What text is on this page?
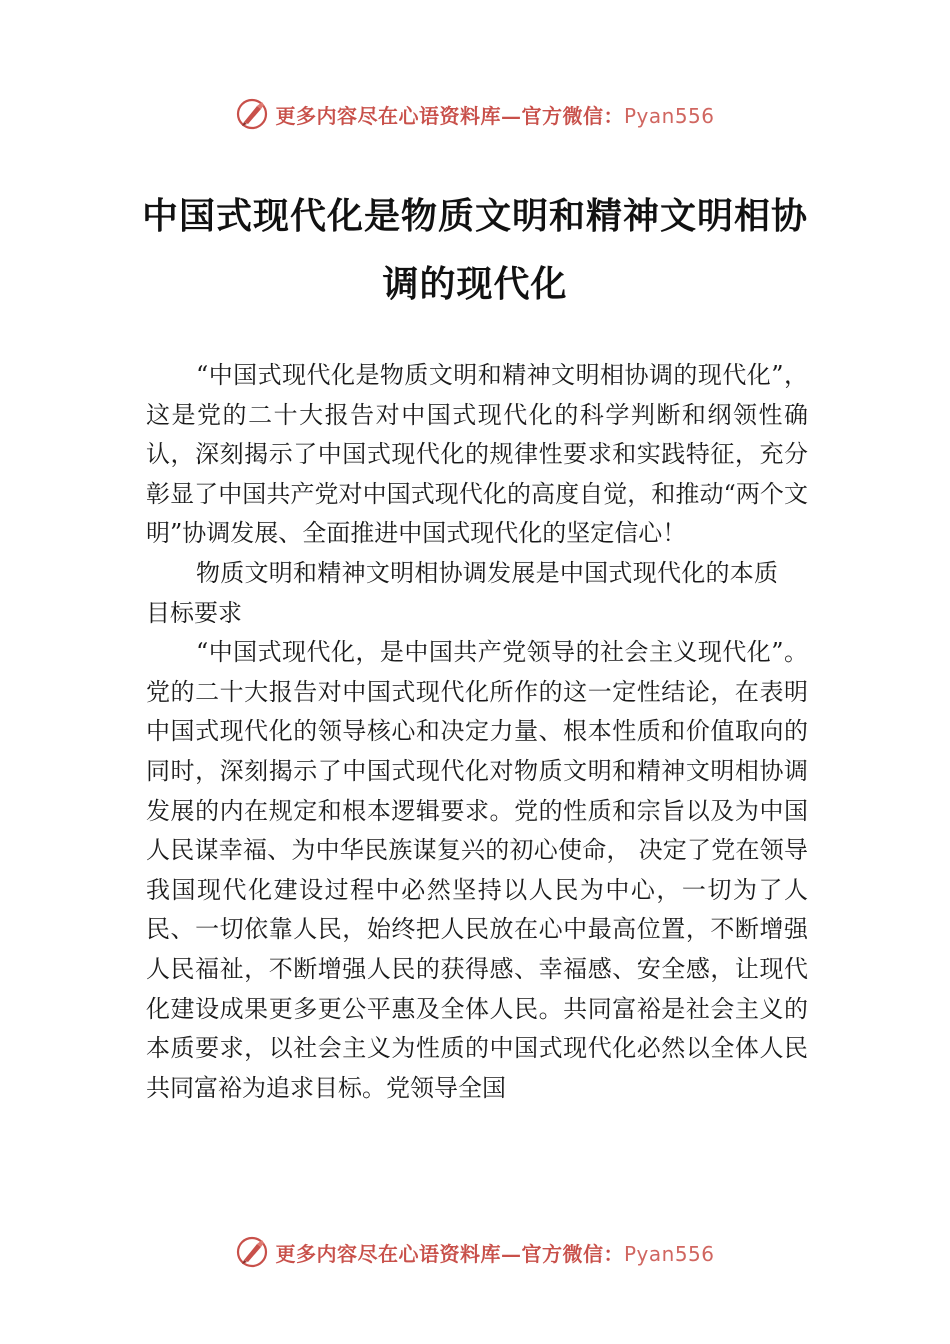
更多内容尽在心语资料库—官方微信：Pyan556
中国式现代化是物质文明和精神文明相协
调的现代化

“中国式现代化是物质文明和精神文明相协调的现代化”，这是党的二十大报告对中国式现代化的科学判断和纲领性确认，深刻揭示了中国式现代化的规律性要求和实践特征，充分彰显了中国共产党对中国式现代化的高度自觉，和推动“两个文明”协调发展、全面推进中国式现代化的坚定信心！

物质文明和精神文明相协调发展是中国式现代化的本质目标要求

“中国式现代化，是中国共产党领导的社会主义现代化”。党的二十大报告对中国式现代化所作的这一定性结论，在表明中国式现代化的领导核心和决定力量、根本性质和价值取向的同时，深刻揭示了中国式现代化对物质文明和精神文明相协调发展的内在规定和根本逻辑要求。党的性质和宗旨以及为中国人民谋幸福、为中华民族谋复兴的初心使命， 决定了党在领导我国现代化建设过程中必然坚持以人民为中心，一切为了人民、一切依靠人民，始终把人民放在心中最高位置，不断增强人民福祉，不断增强人民的获得感、幸福感、安全感，让现代化建设成果更多更公平惠及全体人民。共同富裕是社会主义的本质要求，以社会主义为性质的中国式现代化必然以全体人民共同富裕为追求目标。党领导全国

更多内容尽在心语资料库—官方微信：Pyan556
